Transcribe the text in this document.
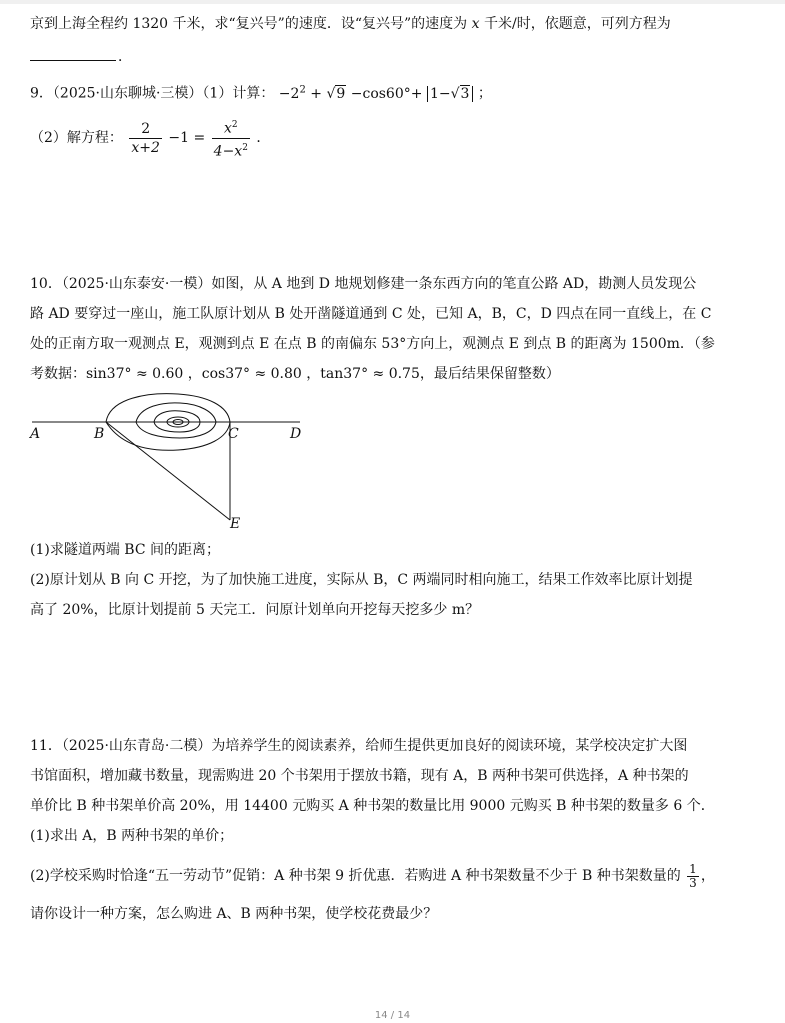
京到上海全程约 1320 千米，求“复兴号”的速度．设“复兴号”的速度为 x 千米/时，依题意，可列方程为
．
9．（2025·山东聊城·三模）（1）计算： $-2^2 + √9 -\cos 60^\circ+ 1-√3$ ；
（2）解方程： $\frac{2}{x+2} -1 = \frac{x^2}{4-x^2}$ ．
10．（2025·山东泰安·一模）如图，从 A 地到 D 地规划修建一条东西方向的笔直公路 AD，勘测人员发现公
路 AD 要穿过一座山，施工队原计划从 B 处开凿隧道通到 C 处，已知 A，B，C，D 四点在同一直线上，在 C
处的正南方取一观测点 E，观测到点 E 在点 B 的南偏东 53°方向上，观测点 E 到点 B 的距离为 1500m．（参
考数据：sin37° ≈ 0.60 ，cos37° ≈ 0.80 ，tan37° ≈ 0.75，最后结果保留整数）
A	B	C	D
E
(1)求隧道两端 BC 间的距离；
(2)原计划从 B 向 C 开挖，为了加快施工进度，实际从 B，C 两端同时相向施工，结果工作效率比原计划提
高了 20%，比原计划提前 5 天完工．问原计划单向开挖每天挖多少 m？
11．（2025·山东青岛·二模）为培养学生的阅读素养，给师生提供更加良好的阅读环境，某学校决定扩大图
书馆面积，增加藏书数量，现需购进 20 个书架用于摆放书籍，现有 A，B 两种书架可供选择，A 种书架的
单价比 B 种书架单价高 20%，用 14400 元购买 A 种书架的数量比用 9000 元购买 B 种书架的数量多 6 个．
(1)求出 A，B 两种书架的单价；
(2)学校采购时恰逢“五一劳动节”促销：A 种书架 9 折优惠．若购进 A 种书架数量不少于 B 种书架数量的 $\frac{1}{3}$ ，
请你设计一种方案，怎么购进 A、B 两种书架，使学校花费最少？
14 / 14
